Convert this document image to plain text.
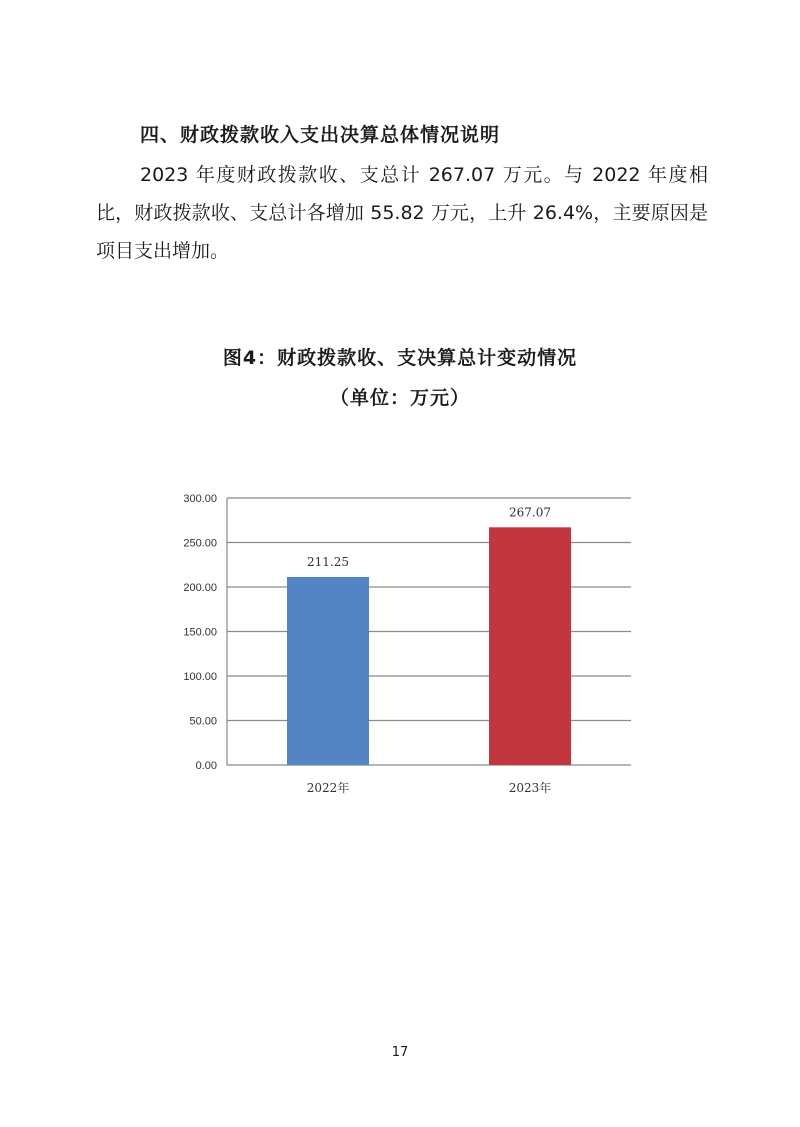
四、财政拨款收入支出决算总体情况说明

2023 年度财政拨款收、支总计 267.07 万元。与 2022 年度相比，财政拨款收、支总计各增加 55.82 万元，上升 26.4%，主要原因是项目支出增加。

图4：财政拨款收、支决算总计变动情况
（单位：万元）
0.00
50.00
100.00
150.00
200.00
250.00
300.00
211.25
2022年
267.07
2023年
17
